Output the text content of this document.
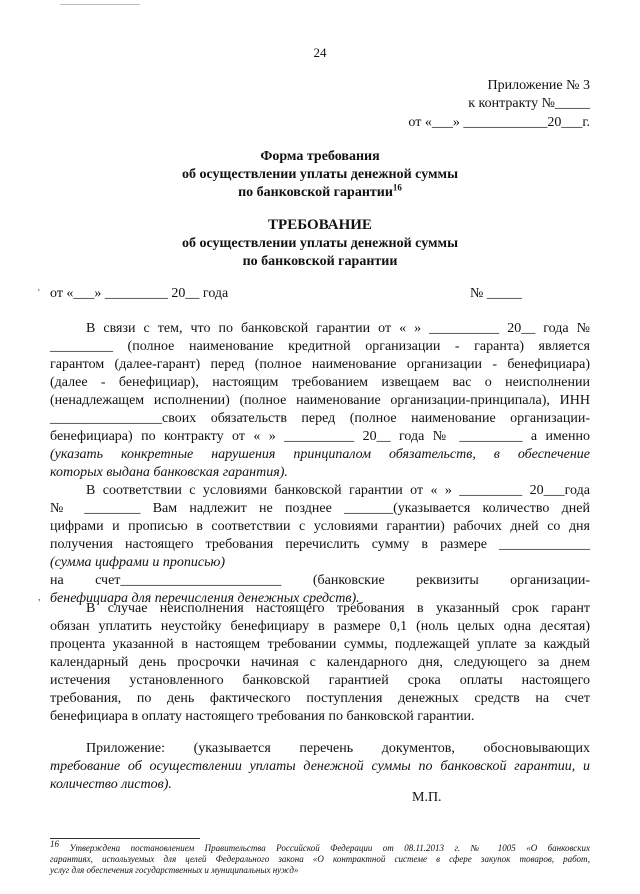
24
Приложение № 3
к контракту №_____
от «___» ____________20___г.
Форма требования
об осуществлении уплаты денежной суммы
по банковской гарантии$^{16}$
ТРЕБОВАНИЕ
об осуществлении уплаты денежной суммы
по банковской гарантии
' от «___» _________ 20__ года	№ _____
В связи с тем, что по банковской гарантии от « » __________ 20__ года №
_________ (полное наименование кредитной организации - гаранта) является
гарантом (далее-гарант) перед (полное наименование организации - бенефициара)
(далее - бенефициар), настоящим требованием извещаем вас о неисполнении
(ненадлежащем исполнении) (полное наименование организации-принципала), ИНН
________________своих обязательств перед (полное наименование организации-
бенефициара) по контракту от « » __________ 20__ года № _________ а именно
(указать конкретные нарушения принципалом обязательств, в обеспечение
которых выдана банковская гарантия).
В соответствии с условиями банковской гарантии от « » _________ 20___года
№ ________ Вам надлежит не позднее _______(указывается количество дней
цифрами и прописью в соответствии с условиями гарантии) рабочих дней со дня
получения настоящего требования перечислить сумму в размере _____________
(сумма цифрами и прописью)
на счет_______________________ (банковские реквизиты организации-
бенефициара для перечисления денежных средств).
,
В случае неисполнения настоящего требования в указанный срок гарант
обязан уплатить неустойку бенефициару в размере 0,1 (ноль целых одна десятая)
процента указанной в настоящем требовании суммы, подлежащей уплате за каждый
календарный день просрочки начиная с календарного дня, следующего за днем
истечения установленного банковской гарантией срока оплаты настоящего
требования, по день фактического поступления денежных средств на счет
бенефициара в оплату настоящего требования по банковской гарантии.
Приложение: (указывается перечень документов, обосновывающих
требование об осуществлении уплаты денежной суммы по банковской гарантии, и
количество листов).
М.П.
$^{16}$ Утверждена постановлением Правительства Российской Федерации от 08.11.2013 г. № 1005 «О банковских
гарантиях, используемых для целей Федерального закона «О контрактной системе в сфере закупок товаров, работ,
услуг для обеспечения государственных и муниципальных нужд»
